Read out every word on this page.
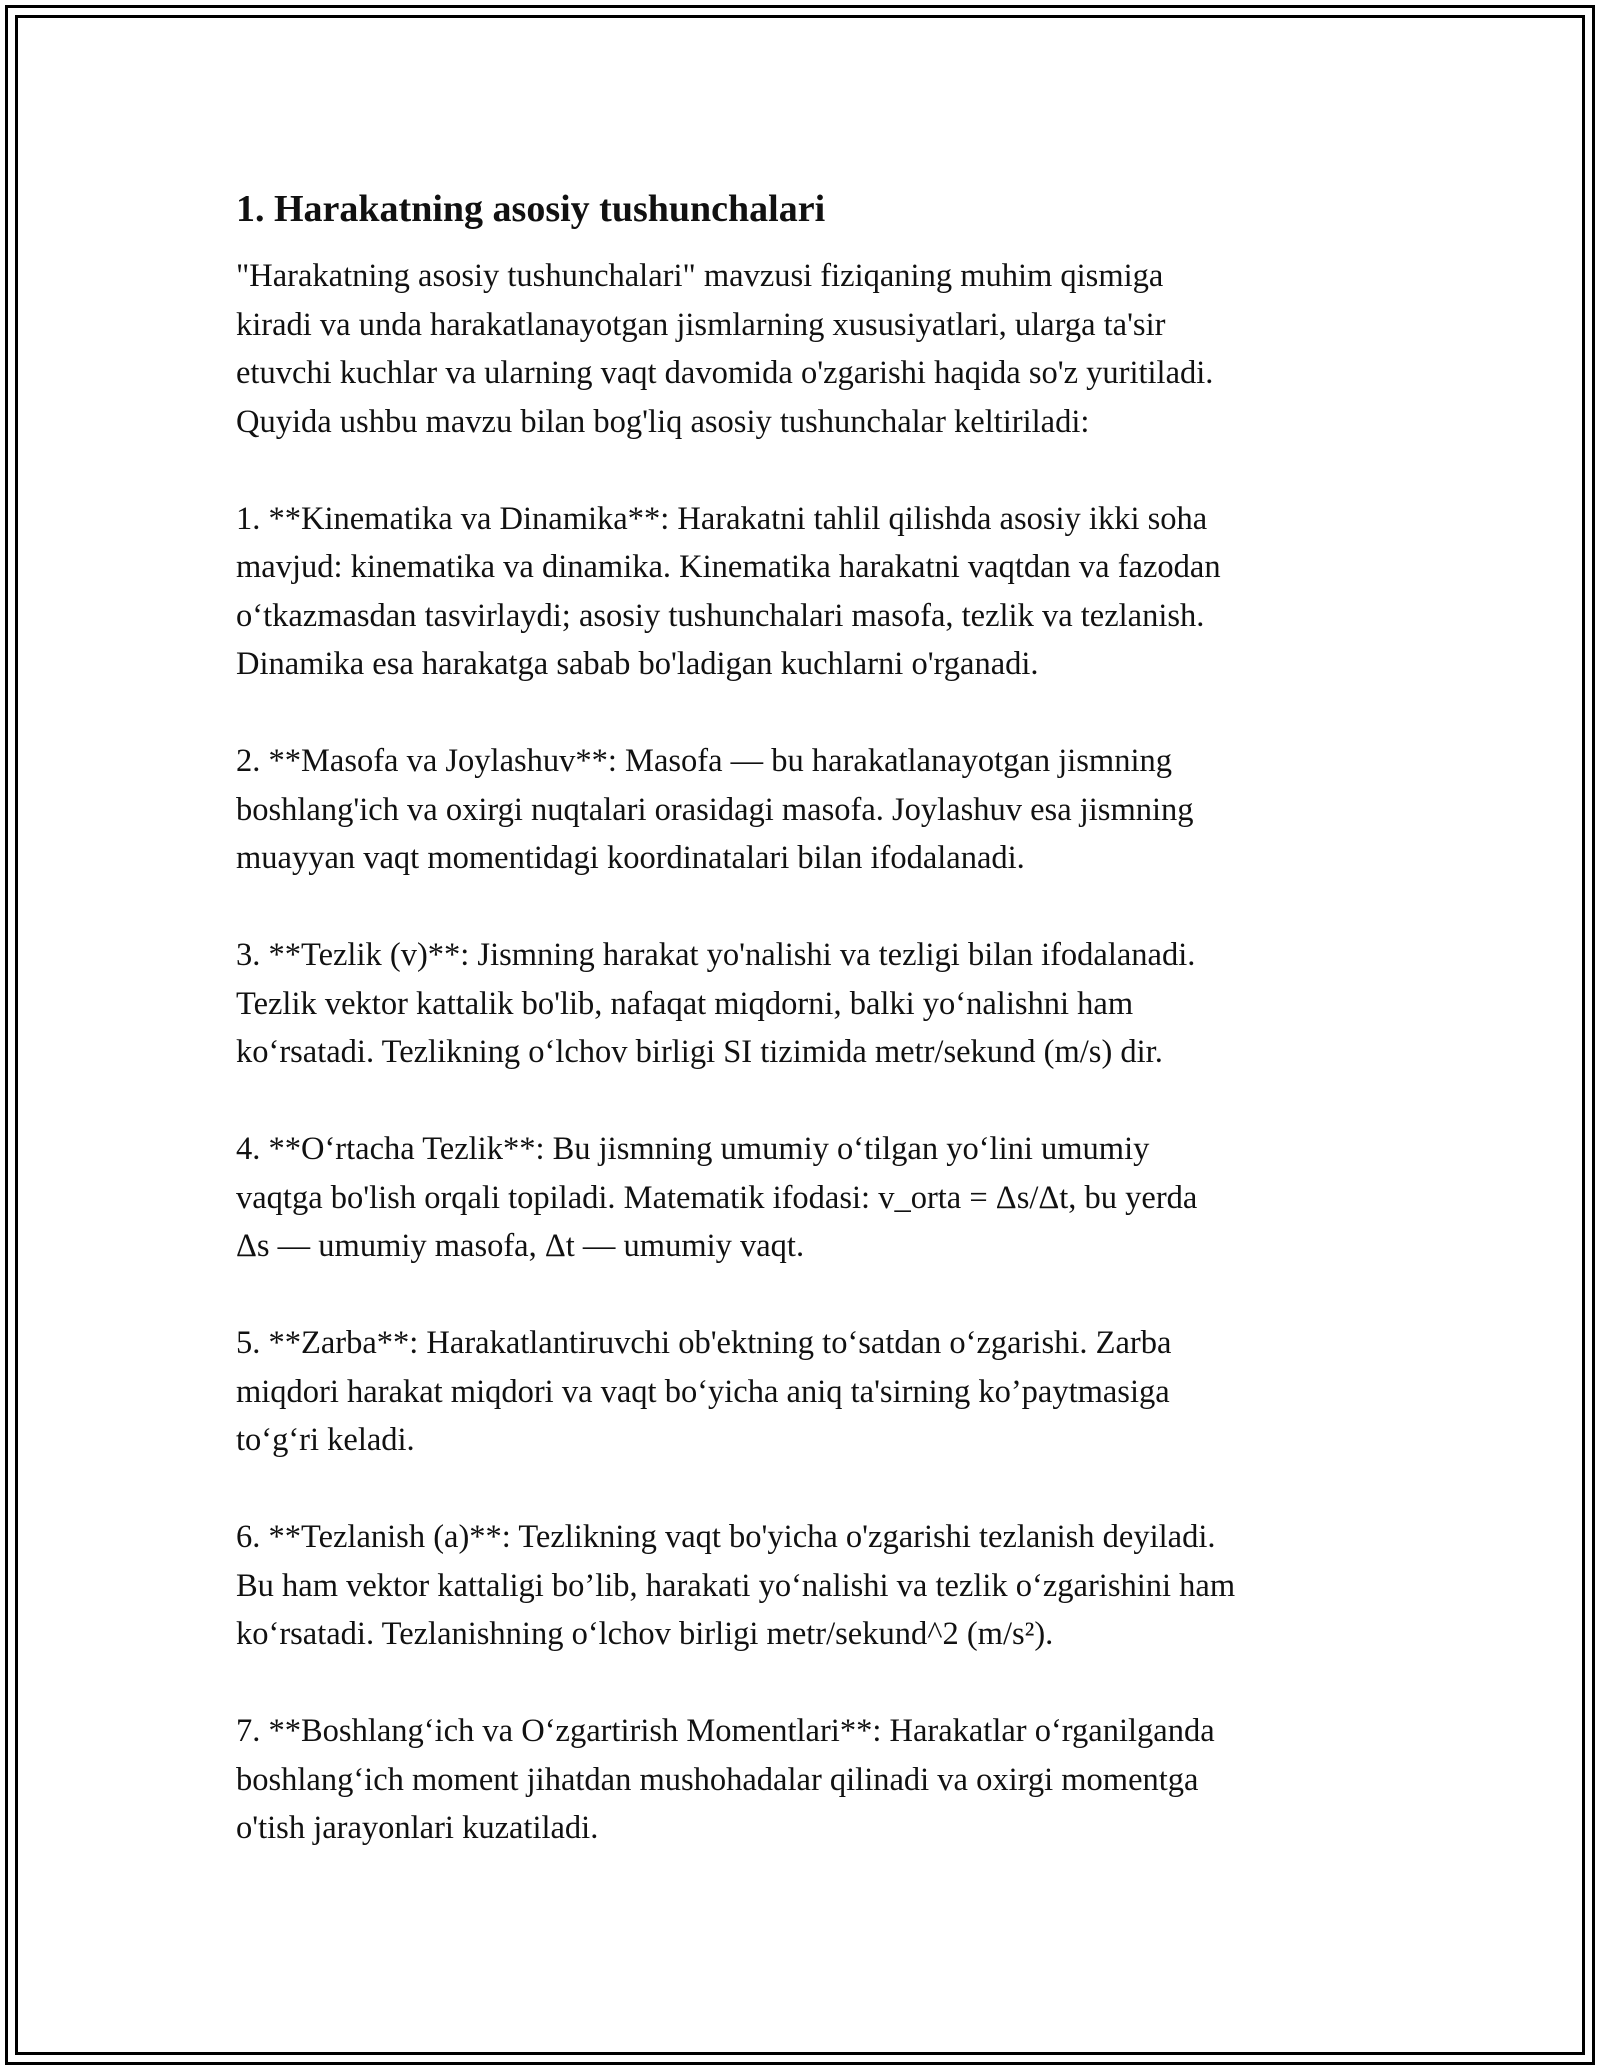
1. Harakatning asosiy tushunchalari

"Harakatning asosiy tushunchalari" mavzusi fiziqaning muhim qismiga
kiradi va unda harakatlanayotgan jismlarning xususiyatlari, ularga ta'sir
etuvchi kuchlar va ularning vaqt davomida o'zgarishi haqida so'z yuritiladi.
Quyida ushbu mavzu bilan bog'liq asosiy tushunchalar keltiriladi:

1. **Kinematika va Dinamika**: Harakatni tahlil qilishda asosiy ikki soha
mavjud: kinematika va dinamika. Kinematika harakatni vaqtdan va fazodan
o‘tkazmasdan tasvirlaydi; asosiy tushunchalari masofa, tezlik va tezlanish.
Dinamika esa harakatga sabab bo'ladigan kuchlarni o'rganadi.

2. **Masofa va Joylashuv**: Masofa — bu harakatlanayotgan jismning
boshlang'ich va oxirgi nuqtalari orasidagi masofa. Joylashuv esa jismning
muayyan vaqt momentidagi koordinatalari bilan ifodalanadi.

3. **Tezlik (v)**: Jismning harakat yo'nalishi va tezligi bilan ifodalanadi.
Tezlik vektor kattalik bo'lib, nafaqat miqdorni, balki yo‘nalishni ham
ko‘rsatadi. Tezlikning o‘lchov birligi SI tizimida metr/sekund (m/s) dir.

4. **O‘rtacha Tezlik**: Bu jismning umumiy o‘tilgan yo‘lini umumiy
vaqtga bo'lish orqali topiladi. Matematik ifodasi: v_orta = Δs/Δt, bu yerda
Δs — umumiy masofa, Δt — umumiy vaqt.

5. **Zarba**: Harakatlantiruvchi ob'ektning to‘satdan o‘zgarishi. Zarba
miqdori harakat miqdori va vaqt bo‘yicha aniq ta'sirning ko’paytmasiga
to‘g‘ri keladi.

6. **Tezlanish (a)**: Tezlikning vaqt bo'yicha o'zgarishi tezlanish deyiladi.
Bu ham vektor kattaligi bo’lib, harakati yo‘nalishi va tezlik o‘zgarishini ham
ko‘rsatadi. Tezlanishning o‘lchov birligi metr/sekund^2 (m/s²).

7. **Boshlang‘ich va O‘zgartirish Momentlari**: Harakatlar o‘rganilganda
boshlang‘ich moment jihatdan mushohadalar qilinadi va oxirgi momentga
o'tish jarayonlari kuzatiladi.
